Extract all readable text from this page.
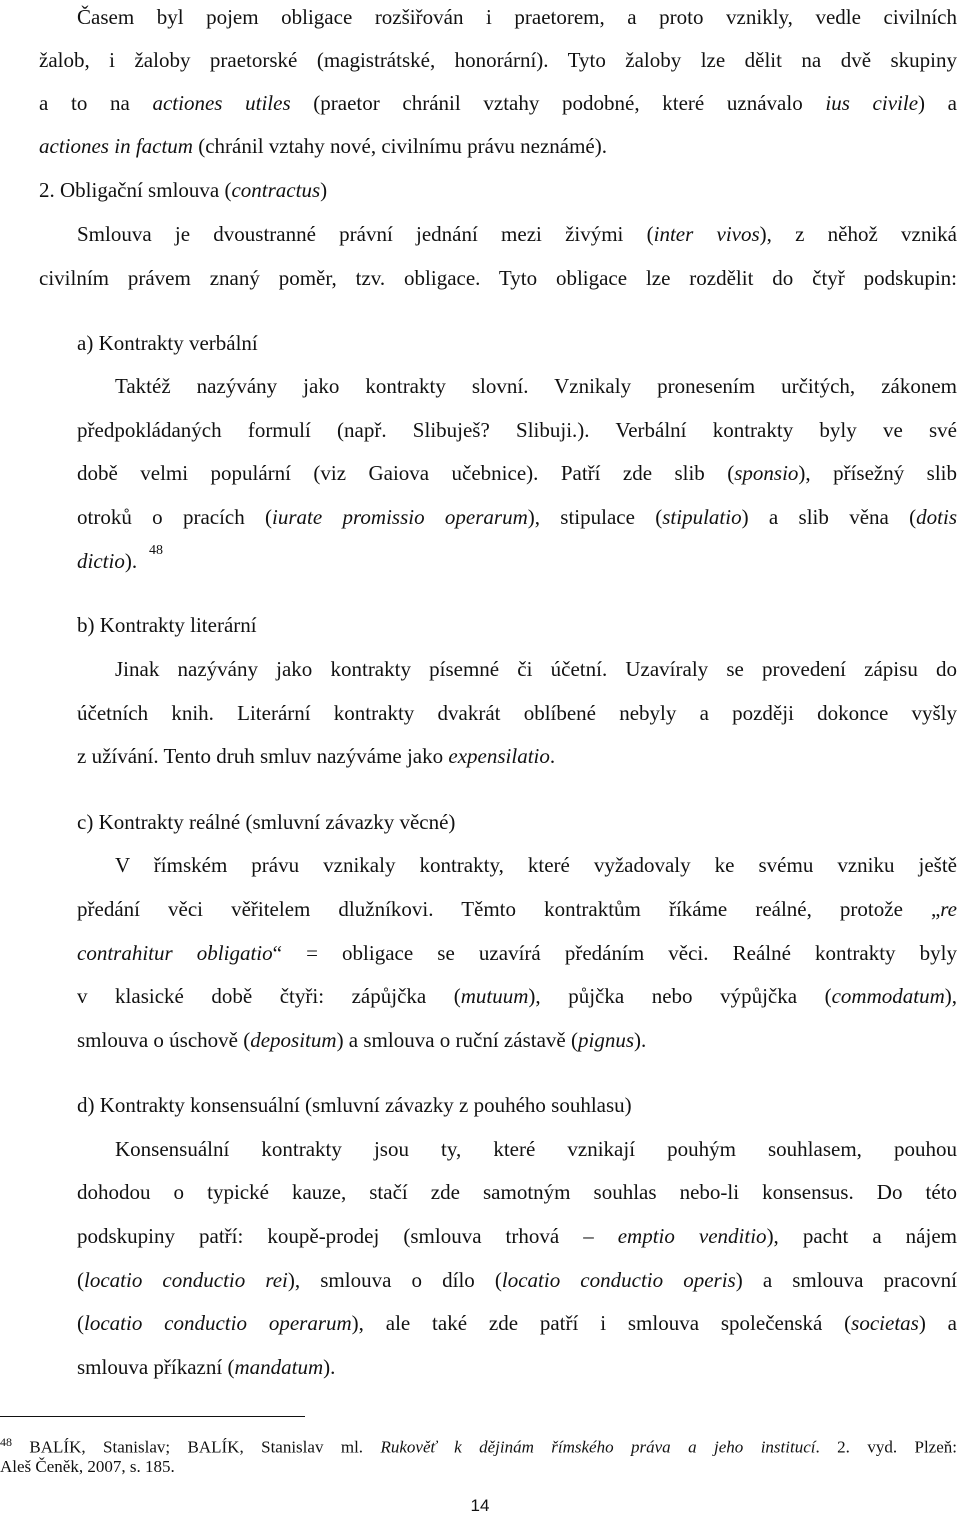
Časem byl pojem obligace rozšiřován i praetorem, a proto vznikly, vedle civilních
žalob, i žaloby praetorské (magistrátské, honorární). Tyto žaloby lze dělit na dvě skupiny
a to na actiones utiles (praetor chránil vztahy podobné, které uznávalo ius civile) a
actiones in factum (chránil vztahy nové, civilnímu právu neznámé).
2. Obligační smlouva (contractus)
Smlouva je dvoustranné právní jednání mezi živými (inter vivos), z něhož vzniká
civilním právem znaný poměr, tzv. obligace. Tyto obligace lze rozdělit do čtyř podskupin:
a) Kontrakty verbální
Taktéž nazývány jako kontrakty slovní. Vznikaly pronesením určitých, zákonem
předpokládaných formulí (např. Slibuješ? Slibuji.). Verbální kontrakty byly ve své
době velmi populární (viz Gaiova učebnice). Patří zde slib (sponsio), přísežný slib
otroků o pracích (iurate promissio operarum), stipulace (stipulatio) a slib věna (dotis
dictio). 48
b) Kontrakty literární
Jinak nazývány jako kontrakty písemné či účetní. Uzavíraly se provedení zápisu do
účetních knih. Literární kontrakty dvakrát oblíbené nebyly a později dokonce vyšly
z užívání. Tento druh smluv nazýváme jako expensilatio.
c) Kontrakty reálné (smluvní závazky věcné)
V římském právu vznikaly kontrakty, které vyžadovaly ke svému vzniku ještě
předání věci věřitelem dlužníkovi. Těmto kontraktům říkáme reálné, protože „re
contrahitur obligatio“ = obligace se uzavírá předáním věci. Reálné kontrakty byly
v klasické době čtyři: zápůjčka (mutuum), půjčka nebo výpůjčka (commodatum),
smlouva o úschově (depositum) a smlouva o ruční zástavě (pignus).
d) Kontrakty konsensuální (smluvní závazky z pouhého souhlasu)
Konsensuální kontrakty jsou ty, které vznikají pouhým souhlasem, pouhou
dohodou o typické kauze, stačí zde samotným souhlas nebo-li konsensus. Do této
podskupiny patří: koupě-prodej (smlouva trhová – emptio venditio), pacht a nájem
(locatio conductio rei), smlouva o dílo (locatio conductio operis) a smlouva pracovní
(locatio conductio operarum), ale také zde patří i smlouva společenská (societas) a
smlouva příkazní (mandatum).
$^{48}$ BALÍK, Stanislav; BALÍK, Stanislav ml. Rukověť k dějinám římského práva a jeho institucí. 2. vyd. Plzeň:
Aleš Čeněk, 2007, s. 185.
14
